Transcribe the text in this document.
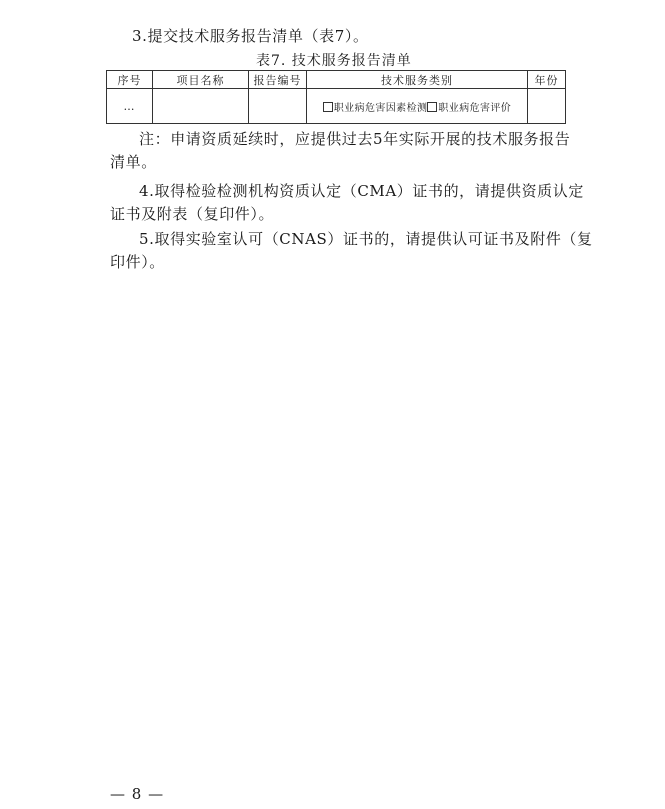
3.提交技术服务报告清单（表7）。
表7. 技术服务报告清单
序号	项目名称	报告编号	技术服务类别	年份
…			职业病危害因素检测 职业病危害评价	
注：申请资质延续时，应提供过去5年实际开展的技术服务报告
清单。
4.取得检验检测机构资质认定（CMA）证书的，请提供资质认定
证书及附表（复印件）。
5.取得实验室认可（CNAS）证书的，请提供认可证书及附件（复
印件）。
— 8 —
